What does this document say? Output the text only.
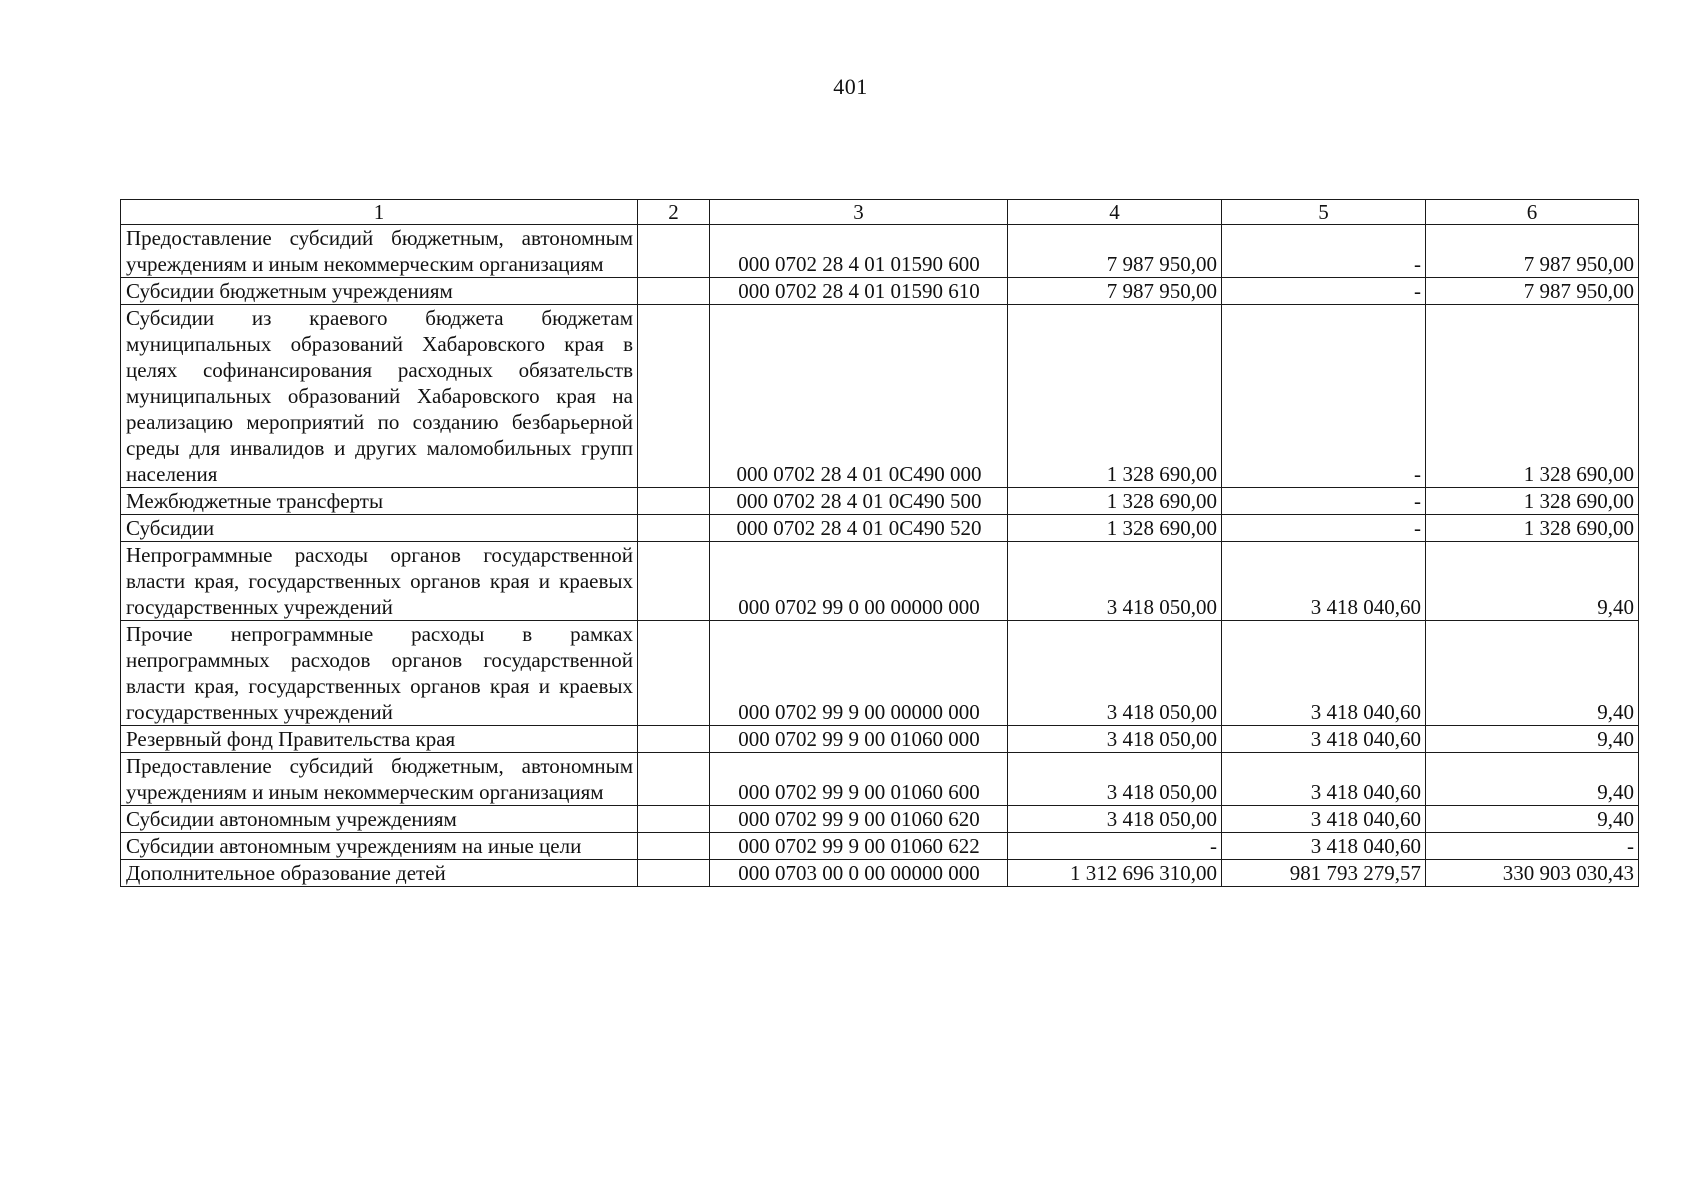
401
1	2	3	4	5	6
Предоставление субсидий бюджетным, автономным учреждениям и иным некоммерческим организациям		000 0702 28 4 01 01590 600	7 987 950,00	-	7 987 950,00
Субсидии бюджетным учреждениям		000 0702 28 4 01 01590 610	7 987 950,00	-	7 987 950,00
Субсидии из краевого бюджета бюджетам муниципальных образований Хабаровского края в целях софинансирования расходных обязательств муниципальных образований Хабаровского края на реализацию мероприятий по созданию безбарьерной среды для инвалидов и других маломобильных групп населения		000 0702 28 4 01 0C490 000	1 328 690,00	-	1 328 690,00
Межбюджетные трансферты		000 0702 28 4 01 0C490 500	1 328 690,00	-	1 328 690,00
Субсидии		000 0702 28 4 01 0C490 520	1 328 690,00	-	1 328 690,00
Непрограммные расходы органов государственной власти края, государственных органов края и краевых государственных учреждений		000 0702 99 0 00 00000 000	3 418 050,00	3 418 040,60	9,40
Прочие непрограммные расходы в рамках непрограммных расходов органов государственной власти края, государственных органов края и краевых государственных учреждений		000 0702 99 9 00 00000 000	3 418 050,00	3 418 040,60	9,40
Резервный фонд Правительства края		000 0702 99 9 00 01060 000	3 418 050,00	3 418 040,60	9,40
Предоставление субсидий бюджетным, автономным учреждениям и иным некоммерческим организациям		000 0702 99 9 00 01060 600	3 418 050,00	3 418 040,60	9,40
Субсидии автономным учреждениям		000 0702 99 9 00 01060 620	3 418 050,00	3 418 040,60	9,40
Субсидии автономным учреждениям на иные цели		000 0702 99 9 00 01060 622	-	3 418 040,60	-
Дополнительное образование детей		000 0703 00 0 00 00000 000	1 312 696 310,00	981 793 279,57	330 903 030,43
